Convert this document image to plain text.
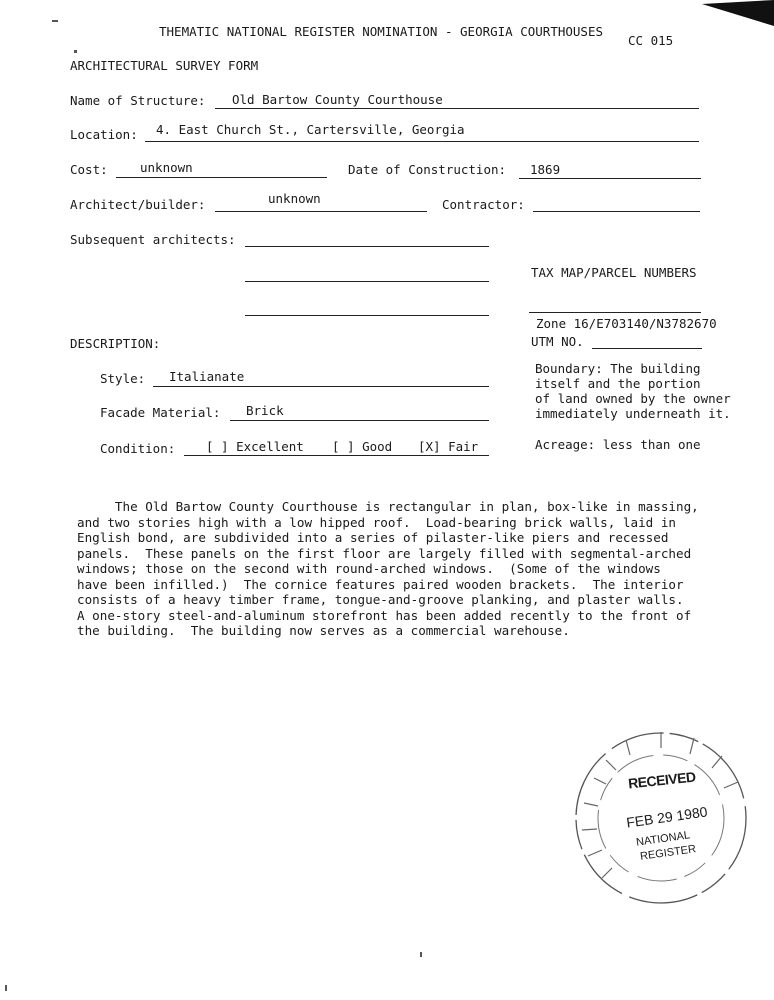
THEMATIC NATIONAL REGISTER NOMINATION - GEORGIA COURTHOUSES
CC 015
ARCHITECTURAL SURVEY FORM
Name of Structure: Old Bartow County Courthouse
Location: 4. East Church St., Cartersville, Georgia
Cost:	unknown	Date of Construction: 1869
Architect/builder:	unknown	Contractor:
Subsequent architects:
TAX MAP/PARCEL NUMBERS
Zone 16/E703140/N3782670
UTM NO.
Boundary: The building
itself and the portion
of land owned by the owner
immediately underneath it.
Acreage: less than one
DESCRIPTION:
Style: Italianate
Facade Material: Brick
Condition: [ ] Excellent [ ] Good [X] Fair
The Old Bartow County Courthouse is rectangular in plan, box-like in massing,
and two stories high with a low hipped roof.  Load-bearing brick walls, laid in
English bond, are subdivided into a series of pilaster-like piers and recessed
panels.  These panels on the first floor are largely filled with segmental-arched
windows; those on the second with round-arched windows.  (Some of the windows
have been infilled.)  The cornice features paired wooden brackets.  The interior
consists of a heavy timber frame, tongue-and-groove planking, and plaster walls.
A one-story steel-and-aluminum storefront has been added recently to the front of
the building.  The building now serves as a commercial warehouse.
RECEIVED
FEB 29 1980
NATIONAL
REGISTER
